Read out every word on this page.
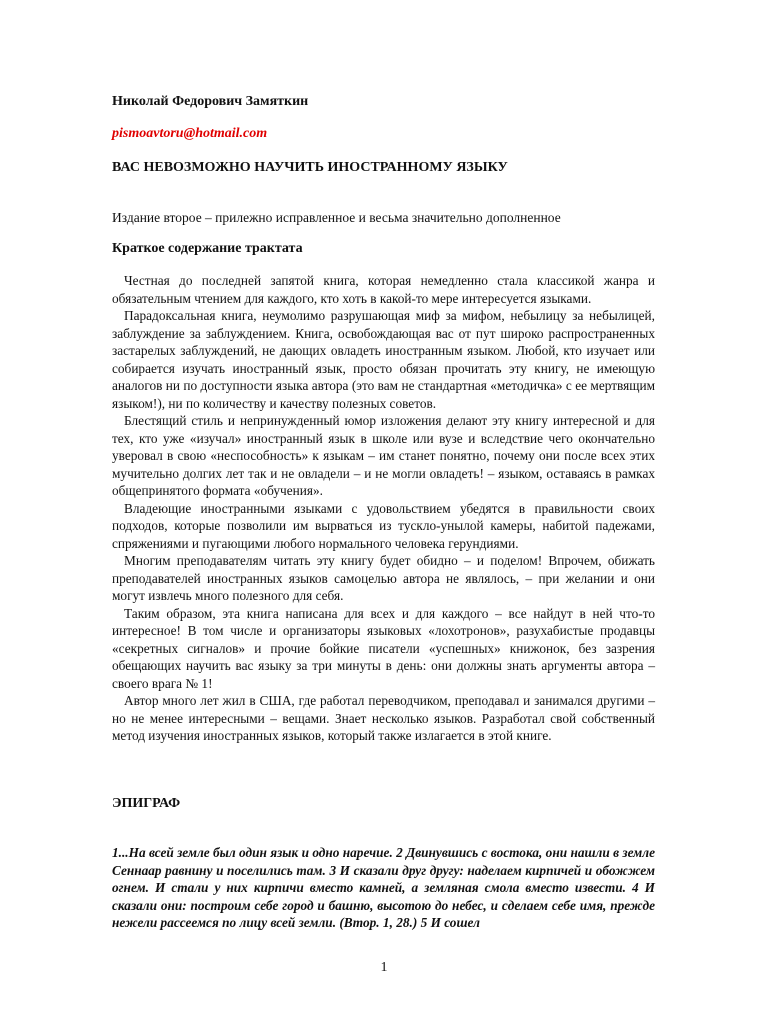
Николай Федорович Замяткин
pismoavtoru@hotmail.com
ВАС НЕВОЗМОЖНО НАУЧИТЬ ИНОСТРАННОМУ ЯЗЫКУ
Издание второе – прилежно исправленное и весьма значительно дополненное
Краткое содержание трактата

Честная до последней запятой книга, которая немедленно стала классикой жанра и обязательным чтением для каждого, кто хоть в какой-то мере интересуется языками.

Парадоксальная книга, неумолимо разрушающая миф за мифом, небылицу за небылицей, заблуждение за заблуждением. Книга, освобождающая вас от пут широко распространенных застарелых заблуждений, не дающих овладеть иностранным языком. Любой, кто изучает или собирается изучать иностранный язык, просто обязан прочитать эту книгу, не имеющую аналогов ни по доступности языка автора (это вам не стандартная «методичка» с ее мертвящим языком!), ни по количеству и качеству полезных советов.

Блестящий стиль и непринужденный юмор изложения делают эту книгу интересной и для тех, кто уже «изучал» иностранный язык в школе или вузе и вследствие чего окончательно уверовал в свою «неспособность» к языкам – им станет понятно, почему они после всех этих мучительно долгих лет так и не овладели – и не могли овладеть! – языком, оставаясь в рамках общепринятого формата «обучения».

Владеющие иностранными языками с удовольствием убедятся в правильности своих подходов, которые позволили им вырваться из тускло-унылой камеры, набитой падежами, спряжениями и пугающими любого нормального человека герундиями.

Многим преподавателям читать эту книгу будет обидно – и поделом! Впрочем, обижать преподавателей иностранных языков самоцелью автора не являлось, – при желании и они могут извлечь много полезного для себя.

Таким образом, эта книга написана для всех и для каждого – все найдут в ней что-то интересное! В том числе и организаторы языковых «лохотронов», разухабистые продавцы «секретных сигналов» и прочие бойкие писатели «успешных» книжонок, без зазрения обещающих научить вас языку за три минуты в день: они должны знать аргументы автора – своего врага № 1!

Автор много лет жил в США, где работал переводчиком, преподавал и занимался другими – но не менее интересными – вещами. Знает несколько языков. Разработал свой собственный метод изучения иностранных языков, который также излагается в этой книге.

ЭПИГРАФ
1...На всей земле был один язык и одно наречие. 2 Двинувшись с востока, они нашли в земле Сеннаар равнину и поселились там. 3 И сказали друг другу: наделаем кирпичей и обожжем огнем. И стали у них кирпичи вместо камней, а земляная смола вместо извести. 4 И сказали они: построим себе город и башню, высотою до небес, и сделаем себе имя, прежде нежели рассеемся по лицу всей земли. (Втор. 1, 28.) 5 И сошел
1
